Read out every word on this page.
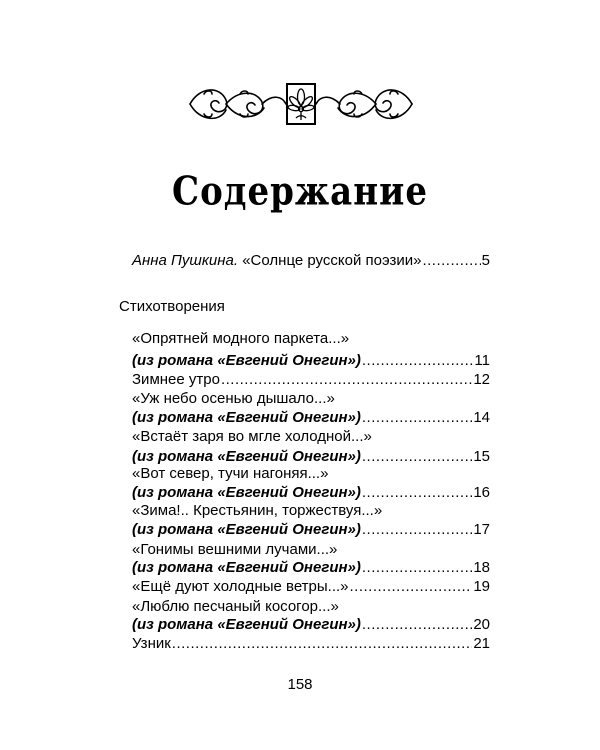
Содержание
Анна Пушкина. «Солнце русской поэзии» .....	5
Стихотворения
«Опрятней модного паркета...»
(из романа «Евгений Онегин») .....	11
Зимнее утро .....	12
«Уж небо осенью дышало...»
(из романа «Евгений Онегин») .....	14
«Встаёт заря во мгле холодной...»
(из романа «Евгений Онегин») .....	15
«Вот север, тучи нагоняя...»
(из романа «Евгений Онегин») .....	16
«Зима!.. Крестьянин, торжествуя...»
(из романа «Евгений Онегин») .....	17
«Гонимы вешними лучами...»
(из романа «Евгений Онегин») .....	18
«Ещё дуют холодные ветры...» .....	19
«Люблю песчаный косогор...»
(из романа «Евгений Онегин») .....	20
Узник .....	21
158
